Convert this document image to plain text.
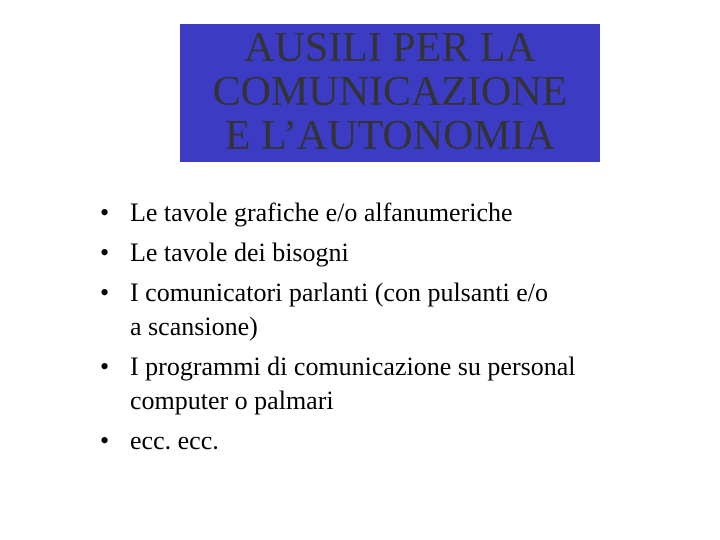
AUSILI PER LA
COMUNICAZIONE
E L’AUTONOMIA
• Le tavole grafiche e/o alfanumeriche
• Le tavole dei bisogni
• I comunicatori parlanti (con pulsanti e/o
a scansione)
• I programmi di comunicazione su personal
computer o palmari
• ecc. ecc.
